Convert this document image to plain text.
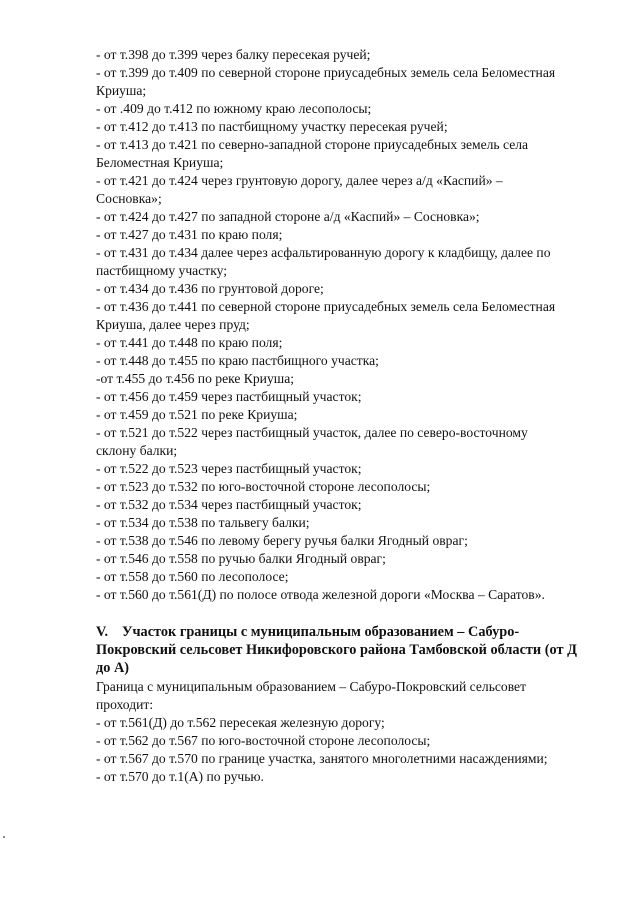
- от т.398 до т.399 через балку пересекая ручей;
- от т.399 до т.409 по северной стороне приусадебных земель села Беломестная
Криуша;
- от .409 до т.412 по южному краю лесополосы;
- от т.412 до т.413 по пастбищному участку пересекая ручей;
- от т.413 до т.421 по северно-западной стороне приусадебных земель села
Беломестная Криуша;
- от т.421 до т.424 через грунтовую дорогу, далее через а/д «Каспий» –
Сосновка»;
- от т.424 до т.427 по западной стороне а/д «Каспий» – Сосновка»;
- от т.427 до т.431 по краю поля;
- от т.431 до т.434 далее через асфальтированную дорогу к кладбищу, далее по
пастбищному участку;
- от т.434 до т.436 по грунтовой дороге;
- от т.436 до т.441 по северной стороне приусадебных земель села Беломестная
Криуша, далее через пруд;
- от т.441 до т.448 по краю поля;
- от т.448 до т.455 по краю пастбищного участка;
-от т.455 до т.456 по реке Криуша;
- от т.456 до т.459 через пастбищный участок;
- от т.459 до т.521 по реке Криуша;
- от т.521 до т.522 через пастбищный участок, далее по северо-восточному
склону балки;
- от т.522 до т.523 через пастбищный участок;
- от т.523 до т.532 по юго-восточной стороне лесополосы;
- от т.532 до т.534 через пастбищный участок;
- от т.534 до т.538 по тальвегу балки;
- от т.538 до т.546 по левому берегу ручья балки Ягодный овраг;
- от т.546 до т.558 по ручью балки Ягодный овраг;
- от т.558 до т.560 по лесополосе;
- от т.560 до т.561(Д) по полосе отвода железной дороги «Москва – Саратов».
V. Участок границы с муниципальным образованием – Сабуро-
Покровский сельсовет Никифоровского района Тамбовской области (от Д
до А)
Граница с муниципальным образованием – Сабуро-Покровский сельсовет
проходит:
- от т.561(Д) до т.562 пересекая железную дорогу;
- от т.562 до т.567 по юго-восточной стороне лесополосы;
- от т.567 до т.570 по границе участка, занятого многолетними насаждениями;
- от т.570 до т.1(А) по ручью.
